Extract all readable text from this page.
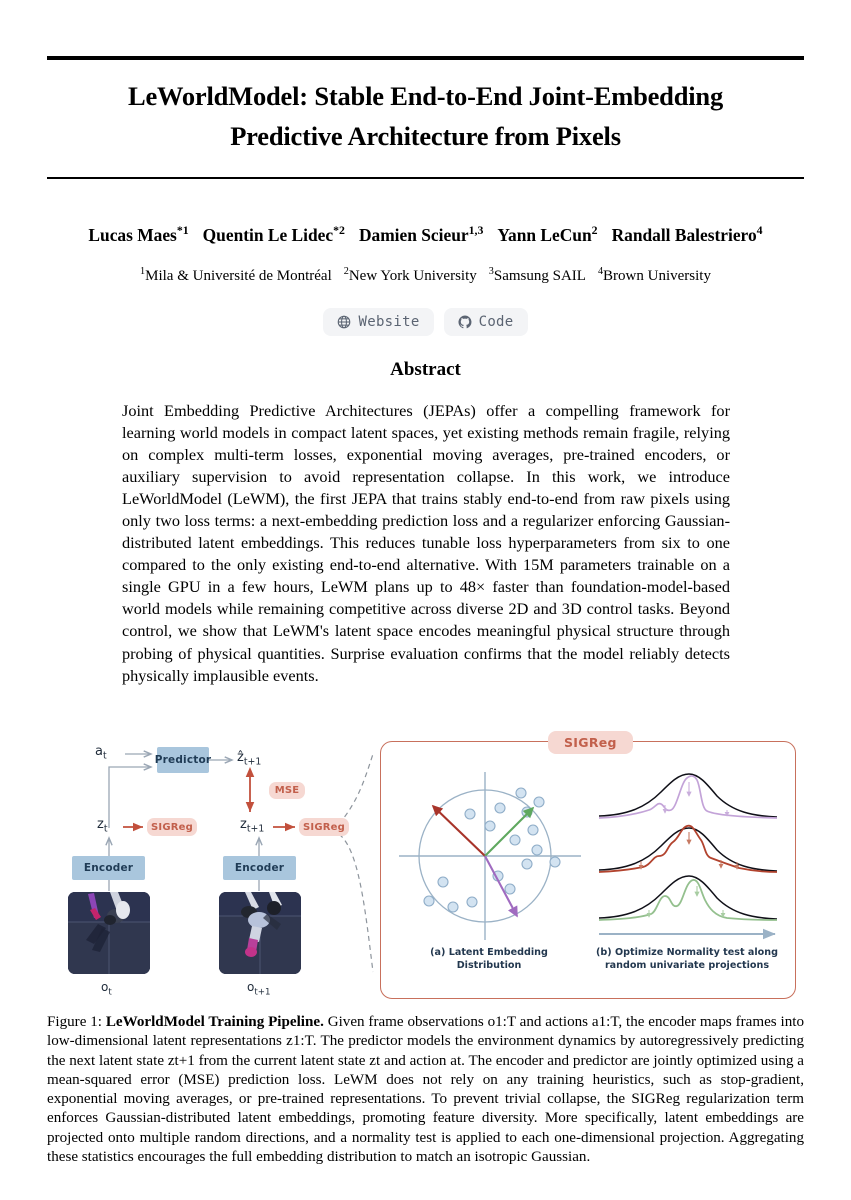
LeWorldModel: Stable End-to-End Joint-Embedding
Predictive Architecture from Pixels
Lucas Maes$^{*1}$ Quentin Le Lidec$^{*2}$ Damien Scieur$^{1,3}$ Yann LeCun$^2$ Randall Balestriero$^4$
$^1$Mila & Université de Montréal $^2$New York University $^3$Samsung SAIL $^4$Brown University
Website	Code
Abstract
Joint Embedding Predictive Architectures (JEPAs) offer a compelling framework for learning world models in compact latent spaces, yet existing methods remain fragile, relying on complex multi-term losses, exponential moving averages, pre-trained encoders, or auxiliary supervision to avoid representation collapse. In this work, we introduce LeWorldModel (LeWM), the first JEPA that trains stably end-to-end from raw pixels using only two loss terms: a next-embedding prediction loss and a regularizer enforcing Gaussian-distributed latent embeddings. This reduces tunable loss hyperparameters from six to one compared to the only existing end-to-end alternative. With 15M parameters trainable on a single GPU in a few hours, LeWM plans up to 48× faster than foundation-model-based world models while remaining competitive across diverse 2D and 3D control tasks. Beyond control, we show that LeWM's latent space encodes meaningful physical structure through probing of physical quantities. Surprise evaluation confirms that the model reliably detects physically implausible events.
$a_t$	Predictor ẑ$_{t+1}$
MSE
$z_t$	SIGReg	$z_{t+1}$	SIGReg
Encoder	Encoder
$o_t$	$o_{t+1}$
SIGReg
(a) Latent Embedding
Distribution
(b) Optimize Normality test along
random univariate projections
Figure 1: LeWorldModel Training Pipeline. Given frame observations o1:T and actions a1:T, the encoder maps frames into low-dimensional latent representations z1:T. The predictor models the environment dynamics by autoregressively predicting the next latent state zt+1 from the current latent state zt and action at. The encoder and predictor are jointly optimized using a mean-squared error (MSE) prediction loss. LeWM does not rely on any training heuristics, such as stop-gradient, exponential moving averages, or pre-trained representations. To prevent trivial collapse, the SIGReg regularization term enforces Gaussian-distributed latent embeddings, promoting feature diversity. More specifically, latent embeddings are projected onto multiple random directions, and a normality test is applied to each one-dimensional projection. Aggregating these statistics encourages the full embedding distribution to match an isotropic Gaussian.
